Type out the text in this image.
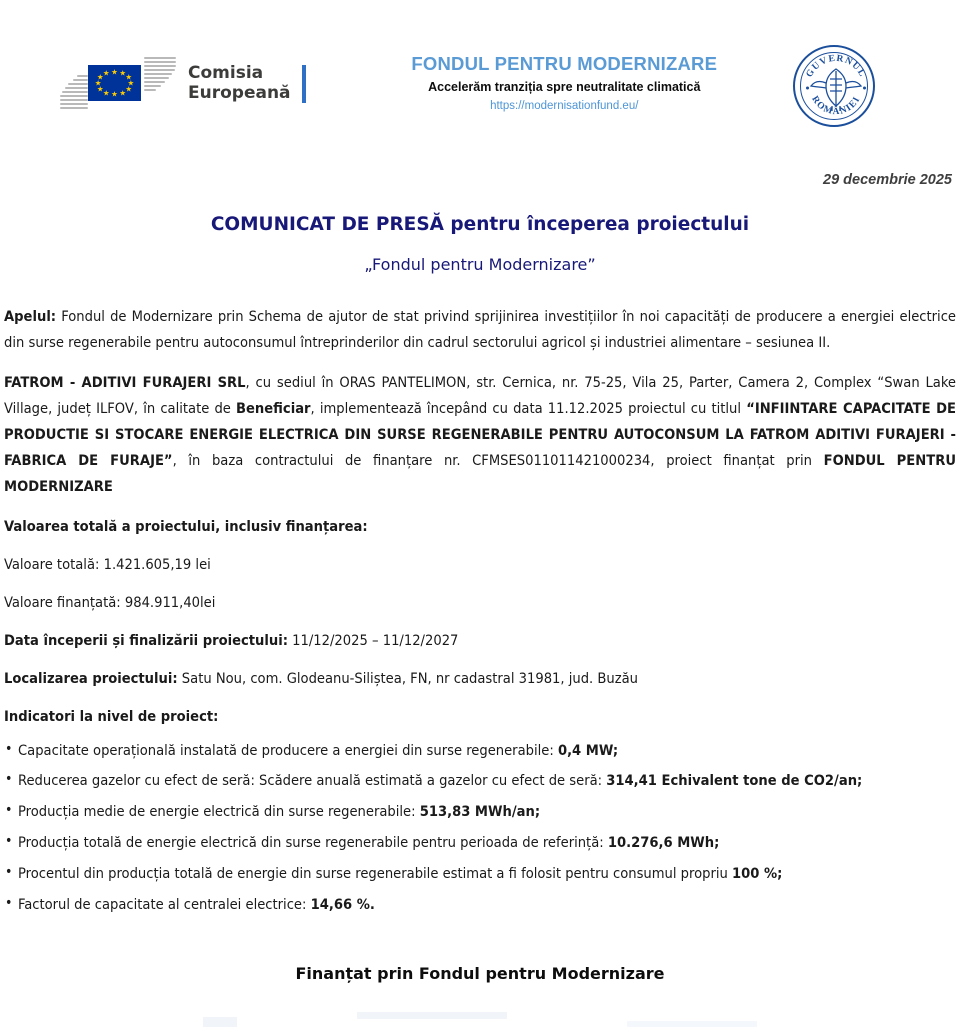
★ ★ ★
★
★
★
★
★
★
★
★ ★	Comisia
Europeană
FONDUL PENTRU MODERNIZARE
Accelerăm tranziția spre neutralitate climatică
https://modernisationfund.eu/
GUVERNUL
ROMÂNIEI
29 decembrie 2025
COMUNICAT DE PRESĂ pentru începerea proiectului
„Fondul pentru Modernizare”

Apelul: Fondul de Modernizare prin Schema de ajutor de stat privind sprijinirea investițiilor în noi capacități de producere a energiei electrice din surse regenerabile pentru autoconsumul întreprinderilor din cadrul sectorului agricol și industriei alimentare – sesiunea II.

FATROM - ADITIVI FURAJERI SRL, cu sediul în ORAS PANTELIMON, str. Cernica, nr. 75-25, Vila 25, Parter, Camera 2, Complex “Swan Lake Village, județ ILFOV, în calitate de Beneficiar, implementează începând cu data 11.12.2025 proiectul cu titlul “INFIINTARE CAPACITATE DE PRODUCTIE SI STOCARE ENERGIE ELECTRICA DIN SURSE REGENERABILE PENTRU AUTOCONSUM LA FATROM ADITIVI FURAJERI - FABRICA DE FURAJE”, în baza contractului de finanțare nr. CFMSES011011421000234, proiect finanțat prin FONDUL PENTRU MODERNIZARE

Valoarea totală a proiectului, inclusiv finanțarea:

Valoare totală: 1.421.605,19 lei

Valoare finanțată: 984.911,40lei

Data începerii și finalizării proiectului: 11/12/2025 – 11/12/2027

Localizarea proiectului: Satu Nou, com. Glodeanu-Siliștea, FN, nr cadastral 31981, jud. Buzău

Indicatori la nivel de proiect:

• Capacitate operațională instalată de producere a energiei din surse regenerabile: 0,4 MW;
• Reducerea gazelor cu efect de seră: Scădere anuală estimată a gazelor cu efect de seră: 314,41 Echivalent tone de CO2/an;
• Producția medie de energie electrică din surse regenerabile: 513,83 MWh/an;
• Producția totală de energie electrică din surse regenerabile pentru perioada de referință: 10.276,6 MWh;
• Procentul din producția totală de energie din surse regenerabile estimat a fi folosit pentru consumul propriu 100 %;
• Factorul de capacitate al centralei electrice: 14,66 %.
Finanțat prin Fondul pentru Modernizare
